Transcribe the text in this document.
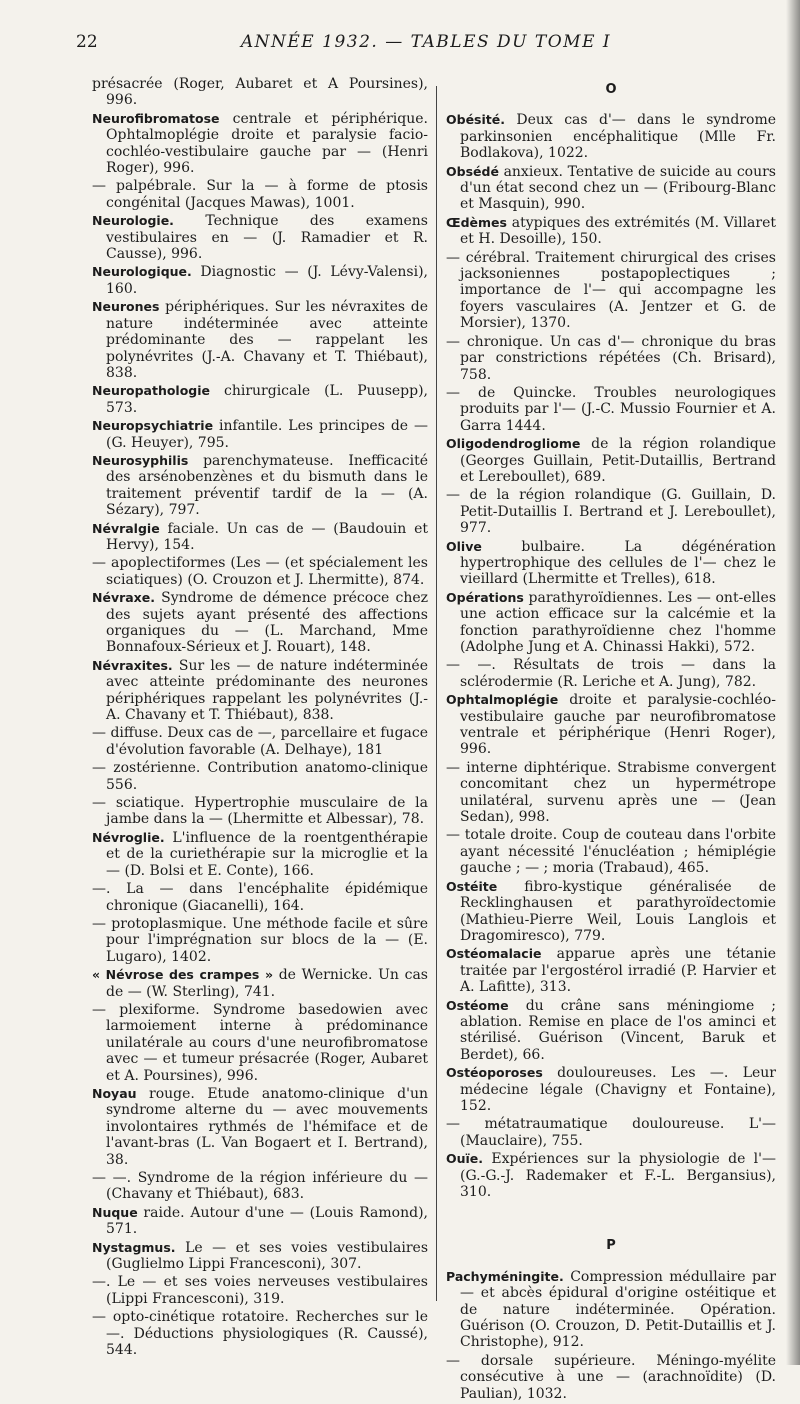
22	ANNÉE 1932. — TABLES DU TOME I

présacrée (Roger, Aubaret et A Poursines), 996.

Neurofibromatose centrale et périphérique. Ophtalmoplégie droite et paralysie facio-cochléo-vestibulaire gauche par — (Henri Roger), 996.

— palpébrale. Sur la — à forme de ptosis congénital (Jacques Mawas), 1001.

Neurologie. Technique des examens vestibulaires en — (J. Ramadier et R. Causse), 996.

Neurologique. Diagnostic — (J. Lévy-Valensi), 160.

Neurones périphériques. Sur les névraxites de nature indéterminée avec atteinte prédominante des — rappelant les polynévrites (J.-A. Chavany et T. Thiébaut), 838.

Neuropathologie chirurgicale (L. Puusepp), 573.

Neuropsychiatrie infantile. Les principes de — (G. Heuyer), 795.

Neurosyphilis parenchymateuse. Inefficacité des arsénobenzènes et du bismuth dans le traitement préventif tardif de la — (A. Sézary), 797.

Névralgie faciale. Un cas de — (Baudouin et Hervy), 154.

— apoplectiformes (Les — (et spécialement les sciatiques) (O. Crouzon et J. Lhermitte), 874.

Névraxe. Syndrome de démence précoce chez des sujets ayant présenté des affections organiques du — (L. Marchand, Mme Bonnafoux-Sérieux et J. Rouart), 148.

Névraxites. Sur les — de nature indéterminée avec atteinte prédominante des neurones périphériques rappelant les polynévrites (J.-A. Chavany et T. Thiébaut), 838.

— diffuse. Deux cas de —, parcellaire et fugace d'évolution favorable (A. Delhaye), 181

— zostérienne. Contribution anatomo-clinique 556.

— sciatique. Hypertrophie musculaire de la jambe dans la — (Lhermitte et Albessar), 78.

Névroglie. L'influence de la roentgenthérapie et de la curiethérapie sur la microglie et la — (D. Bolsi et E. Conte), 166.

—. La — dans l'encéphalite épidémique chronique (Giacanelli), 164.

— protoplasmique. Une méthode facile et sûre pour l'imprégnation sur blocs de la — (E. Lugaro), 1402.

« Névrose des crampes » de Wernicke. Un cas de — (W. Sterling), 741.

— plexiforme. Syndrome basedowien avec larmoiement interne à prédominance unilatérale au cours d'une neurofibromatose avec — et tumeur présacrée (Roger, Aubaret et A. Poursines), 996.

Noyau rouge. Etude anatomo-clinique d'un syndrome alterne du — avec mouvements involontaires rythmés de l'hémiface et de l'avant-bras (L. Van Bogaert et I. Bertrand), 38.

— —. Syndrome de la région inférieure du — (Chavany et Thiébaut), 683.

Nuque raide. Autour d'une — (Louis Ramond), 571.

Nystagmus. Le — et ses voies vestibulaires (Guglielmo Lippi Francesconi), 307.

—. Le — et ses voies nerveuses vestibulaires (Lippi Francesconi), 319.

— opto-cinétique rotatoire. Recherches sur le —. Déductions physiologiques (R. Caussé), 544.

O

Obésité. Deux cas d'— dans le syndrome parkinsonien encéphalitique (Mlle Fr. Bodlakova), 1022.

Obsédé anxieux. Tentative de suicide au cours d'un état second chez un — (Fribourg-Blanc et Masquin), 990.

Œdèmes atypiques des extrémités (M. Villaret et H. Desoille), 150.

— cérébral. Traitement chirurgical des crises jacksoniennes postapoplectiques ; importance de l'— qui accompagne les foyers vasculaires (A. Jentzer et G. de Morsier), 1370.

— chronique. Un cas d'— chronique du bras par constrictions répétées (Ch. Brisard), 758.

— de Quincke. Troubles neurologiques produits par l'— (J.-C. Mussio Fournier et A. Garra 1444.

Oligodendrogliome de la région rolandique (Georges Guillain, Petit-Dutaillis, Bertrand et Lereboullet), 689.

— de la région rolandique (G. Guillain, D. Petit-Dutaillis I. Bertrand et J. Lereboullet), 977.

Olive	bulbaire. La dégénération hypertrophique des cellules de l'— chez le vieillard (Lhermitte et Trelles), 618.

Opérations parathyroïdiennes. Les — ont-elles une action efficace sur la calcémie et la fonction parathyroïdienne chez l'homme (Adolphe Jung et A. Chinassi Hakki), 572.

— —. Résultats de trois — dans la sclérodermie (R. Leriche et A. Jung), 782.

Ophtalmoplégie droite et paralysie-cochléo-vestibulaire gauche par neurofibromatose ventrale et périphérique (Henri Roger), 996.

— interne diphtérique. Strabisme convergent concomitant chez un hypermétrope unilatéral, survenu après une — (Jean Sedan), 998.

— totale droite. Coup de couteau dans l'orbite ayant nécessité l'énucléation ; hémiplégie gauche ; — ; moria (Trabaud), 465.

Ostéite fibro-kystique généralisée de Recklinghausen et parathyroïdectomie (Mathieu-Pierre Weil, Louis Langlois et Dragomiresco), 779.

Ostéomalacie apparue après une tétanie traitée par l'ergostérol irradié (P. Harvier et A. Lafitte), 313.

Ostéome du crâne sans méningiome ; ablation. Remise en place de l'os aminci et stérilisé. Guérison (Vincent, Baruk et Berdet), 66.

Ostéoporoses douloureuses. Les —. Leur médecine légale (Chavigny et Fontaine), 152.

— métatraumatique douloureuse. L'— (Mauclaire), 755.

Ouïe. Expériences sur la physiologie de l'— (G.-G.-J. Rademaker et F.-L. Bergansius), 310.

P

Pachyméningite. Compression médullaire par — et abcès épidural d'origine ostéitique et de nature indéterminée. Opération. Guérison (O. Crouzon, D. Petit-Dutaillis et J. Christophe), 912.

— dorsale supérieure. Méningo-myélite consécutive à une — (arachnoïdite) (D. Paulian), 1032.
